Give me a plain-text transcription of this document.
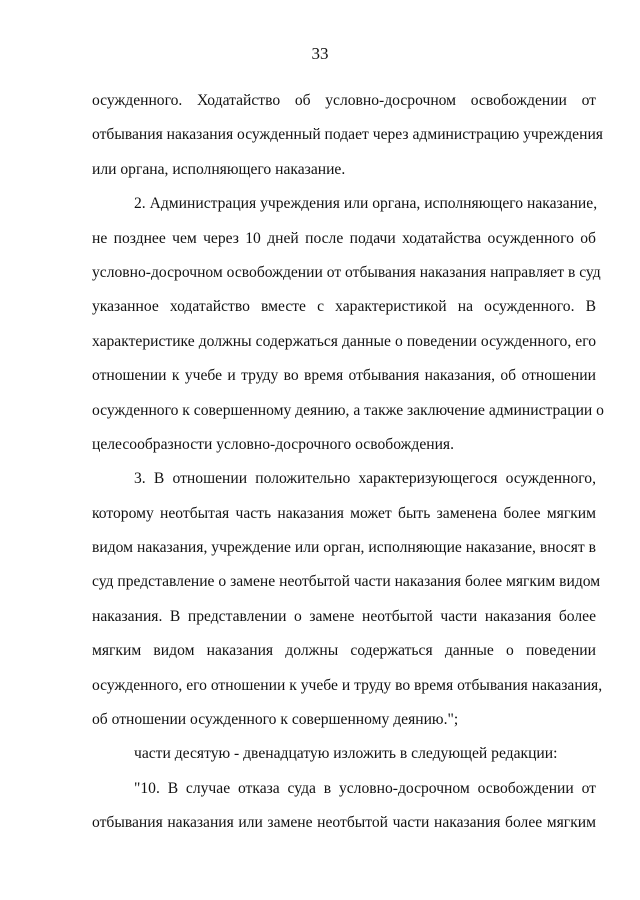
33
осужденного. Ходатайство об условно-досрочном освобождении от
отбывания наказания осужденный подает через администрацию учреждения
или органа, исполняющего наказание.
2. Администрация учреждения или органа, исполняющего наказание,
не позднее чем через 10 дней после подачи ходатайства осужденного об
условно-досрочном освобождении от отбывания наказания направляет в суд
указанное ходатайство вместе с характеристикой на осужденного. В
характеристике должны содержаться данные о поведении осужденного, его
отношении к учебе и труду во время отбывания наказания, об отношении
осужденного к совершенному деянию, а также заключение администрации о
целесообразности условно-досрочного освобождения.
3. В отношении положительно характеризующегося осужденного,
которому неотбытая часть наказания может быть заменена более мягким
видом наказания, учреждение или орган, исполняющие наказание, вносят в
суд представление о замене неотбытой части наказания более мягким видом
наказания. В представлении о замене неотбытой части наказания более
мягким видом наказания должны содержаться данные о поведении
осужденного, его отношении к учебе и труду во время отбывания наказания,
об отношении осужденного к совершенному деянию.";
части десятую - двенадцатую изложить в следующей редакции:
"10. В случае отказа суда в условно-досрочном освобождении от
отбывания наказания или замене неотбытой части наказания более мягким
